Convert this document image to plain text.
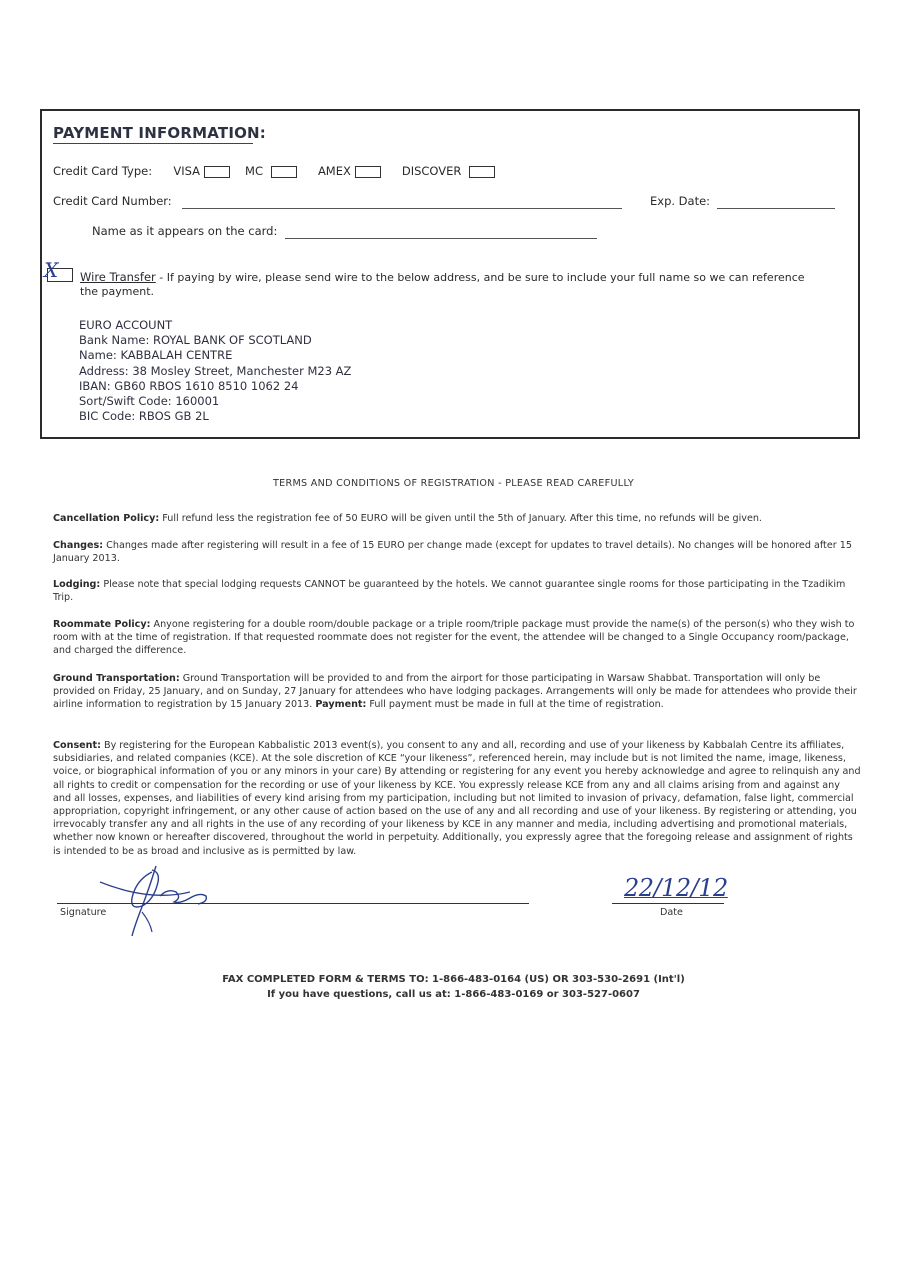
PAYMENT INFORMATION:
Credit Card Type: VISA	MC	AMEX	DISCOVER
Credit Card Number:	Exp. Date:
Name as it appears on the card:
X Wire Transfer - If paying by wire, please send wire to the below address, and be sure to include your full name so we can reference
the payment.
EURO ACCOUNT
Bank Name: ROYAL BANK OF SCOTLAND
Name: KABBALAH CENTRE
Address: 38 Mosley Street, Manchester M23 AZ
IBAN: GB60 RBOS 1610 8510 1062 24
Sort/Swift Code: 160001
BIC Code: RBOS GB 2L
TERMS AND CONDITIONS OF REGISTRATION - PLEASE READ CAREFULLY
Cancellation Policy: Full refund less the registration fee of 50 EURO will be given until the 5th of January. After this time, no refunds will be given.
Changes: Changes made after registering will result in a fee of 15 EURO per change made (except for updates to travel details). No changes will be honored after 15 January 2013.
Lodging: Please note that special lodging requests CANNOT be guaranteed by the hotels. We cannot guarantee single rooms for those participating in the Tzadikim Trip.
Roommate Policy: Anyone registering for a double room/double package or a triple room/triple package must provide the name(s) of the person(s) who they wish to room with at the time of registration. If that requested roommate does not register for the event, the attendee will be changed to a Single Occupancy room/package, and charged the difference.
Ground Transportation: Ground Transportation will be provided to and from the airport for those participating in Warsaw Shabbat. Transportation will only be provided on Friday, 25 January, and on Sunday, 27 January for attendees who have lodging packages. Arrangements will only be made for attendees who provide their airline information to registration by 15 January 2013. Payment: Full payment must be made in full at the time of registration.
Consent: By registering for the European Kabbalistic 2013 event(s), you consent to any and all, recording and use of your likeness by Kabbalah Centre its affiliates, subsidiaries, and related companies (KCE). At the sole discretion of KCE “your likeness”, referenced herein, may include but is not limited the name, image, likeness, voice, or biographical information of you or any minors in your care) By attending or registering for any event you hereby acknowledge and agree to relinquish any and all rights to credit or compensation for the recording or use of your likeness by KCE. You expressly release KCE from any and all claims arising from and against any and all losses, expenses, and liabilities of every kind arising from my participation, including but not limited to invasion of privacy, defamation, false light, commercial appropriation, copyright infringement, or any other cause of action based on the use of any and all recording and use of your likeness. By registering or attending, you irrevocably transfer any and all rights in the use of any recording of your likeness by KCE in any manner and media, including advertising and promotional materials, whether now known or hereafter discovered, throughout the world in perpetuity. Additionally, you expressly agree that the foregoing release and assignment of rights is intended to be as broad and inclusive as is permitted by law.
Signature
22/12/12
Date
FAX COMPLETED FORM & TERMS TO: 1-866-483-0164 (US) OR 303-530-2691 (Int'l)
If you have questions, call us at: 1-866-483-0169 or 303-527-0607
